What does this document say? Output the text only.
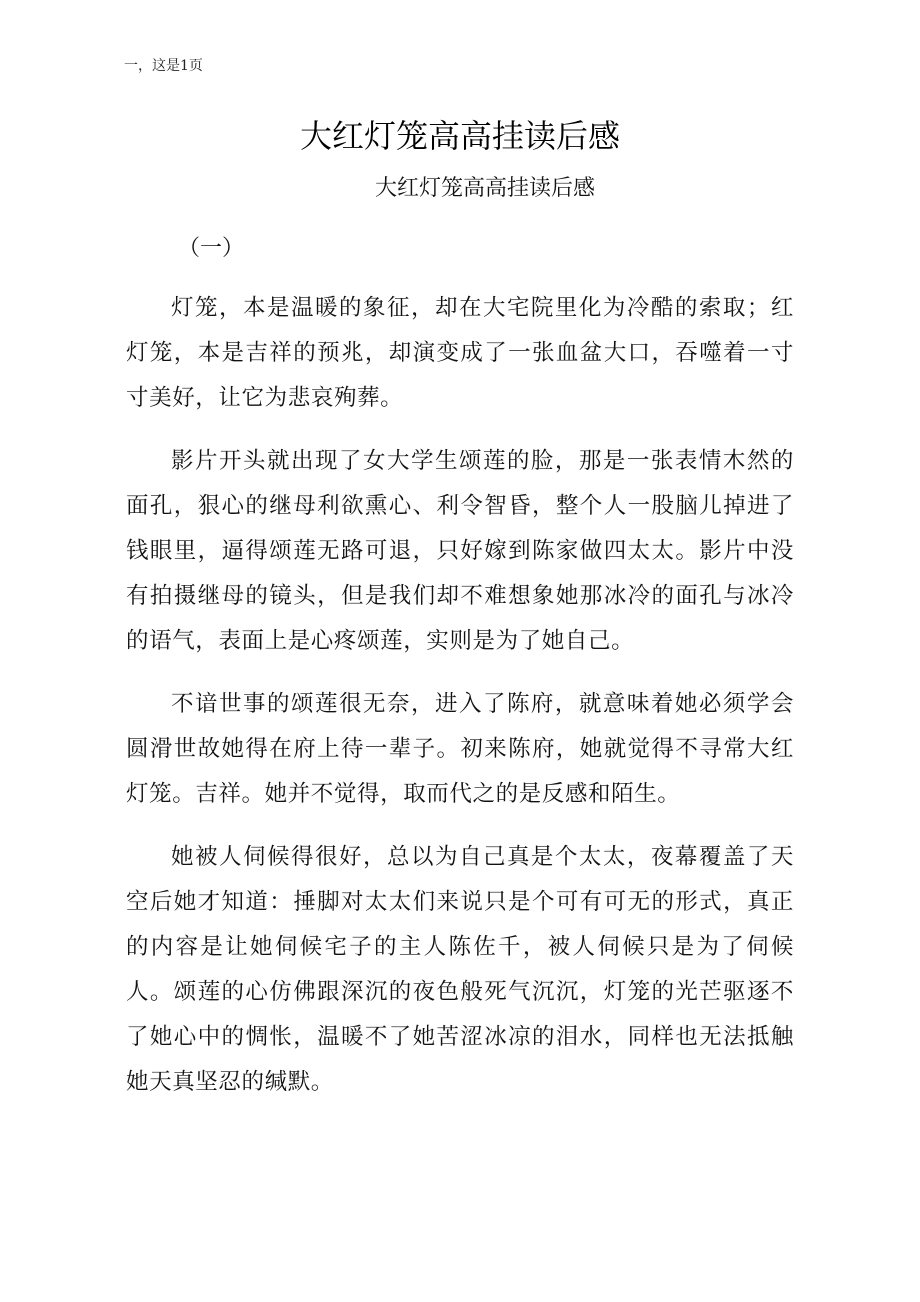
一，这是1页
大红灯笼高高挂读后感
大红灯笼高高挂读后感
（一）

灯笼，本是温暖的象征，却在大宅院里化为冷酷的索取；红灯笼，本是吉祥的预兆，却演变成了一张血盆大口，吞噬着一寸寸美好，让它为悲哀殉葬。

影片开头就出现了女大学生颂莲的脸，那是一张表情木然的面孔，狠心的继母利欲熏心、利令智昏，整个人一股脑儿掉进了钱眼里，逼得颂莲无路可退，只好嫁到陈家做四太太。影片中没有拍摄继母的镜头，但是我们却不难想象她那冰冷的面孔与冰冷的语气，表面上是心疼颂莲，实则是为了她自己。

不谙世事的颂莲很无奈，进入了陈府，就意味着她必须学会圆滑世故她得在府上待一辈子。初来陈府，她就觉得不寻常大红灯笼。吉祥。她并不觉得，取而代之的是反感和陌生。

她被人伺候得很好，总以为自己真是个太太，夜幕覆盖了天空后她才知道：捶脚对太太们来说只是个可有可无的形式，真正的内容是让她伺候宅子的主人陈佐千，被人伺候只是为了伺候人。颂莲的心仿佛跟深沉的夜色般死气沉沉，灯笼的光芒驱逐不了她心中的惆怅，温暖不了她苦涩冰凉的泪水，同样也无法抵触她天真坚忍的缄默。
